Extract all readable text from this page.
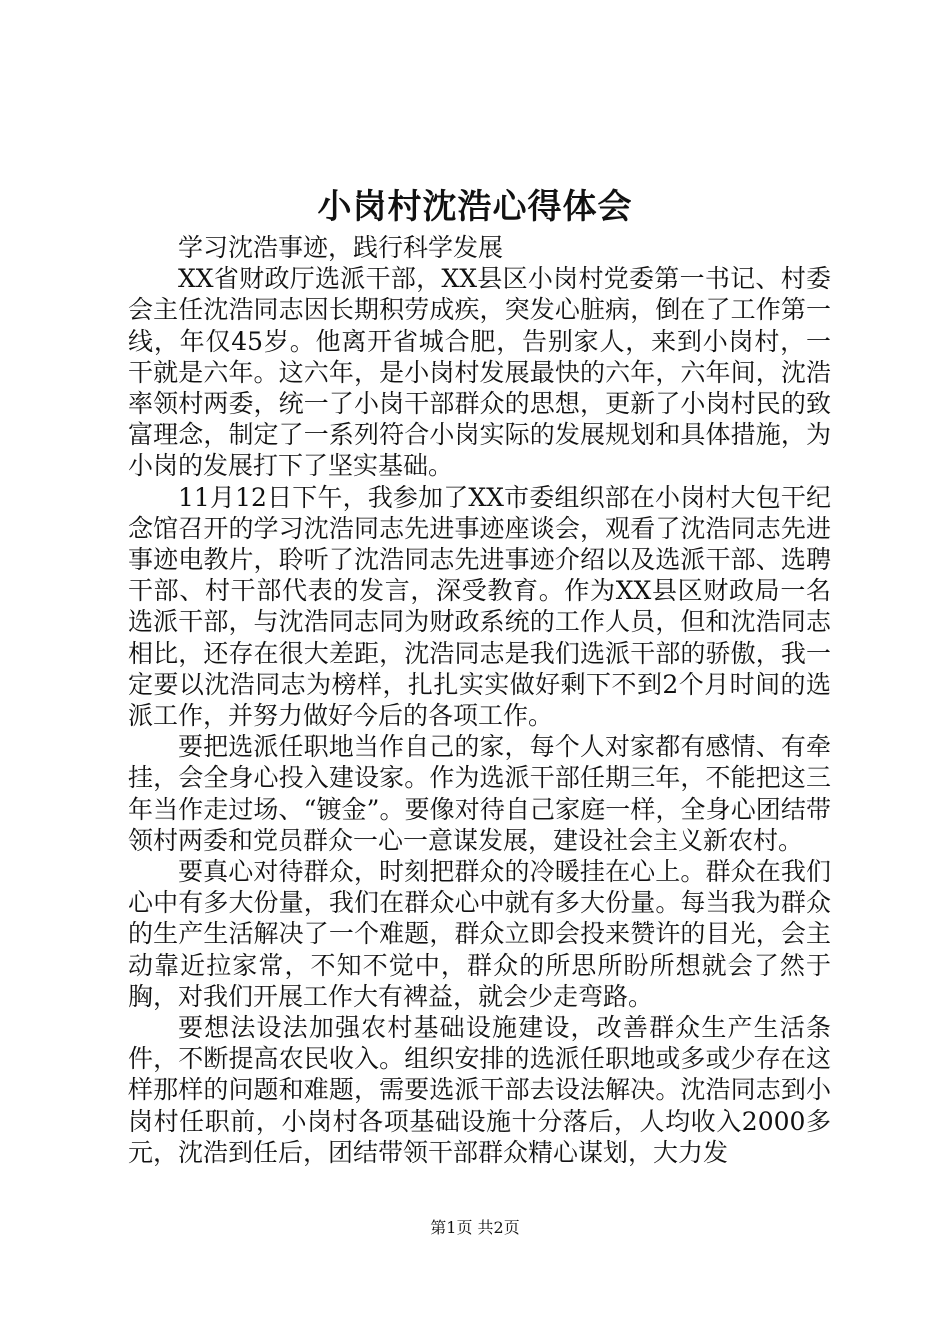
小岗村沈浩心得体会

学习沈浩事迹，践行科学发展

XX省财政厅选派干部，XX县区小岗村党委第一书记、村委会主任沈浩同志因长期积劳成疾，突发心脏病，倒在了工作第一线，年仅45岁。他离开省城合肥，告别家人，来到小岗村，一干就是六年。这六年，是小岗村发展最快的六年，六年间，沈浩率领村两委，统一了小岗干部群众的思想，更新了小岗村民的致富理念，制定了一系列符合小岗实际的发展规划和具体措施，为小岗的发展打下了坚实基础。

11月12日下午，我参加了XX市委组织部在小岗村大包干纪念馆召开的学习沈浩同志先进事迹座谈会，观看了沈浩同志先进事迹电教片，聆听了沈浩同志先进事迹介绍以及选派干部、选聘干部、村干部代表的发言，深受教育。作为XX县区财政局一名选派干部，与沈浩同志同为财政系统的工作人员，但和沈浩同志相比，还存在很大差距，沈浩同志是我们选派干部的骄傲，我一定要以沈浩同志为榜样，扎扎实实做好剩下不到2个月时间的选派工作，并努力做好今后的各项工作。

要把选派任职地当作自己的家，每个人对家都有感情、有牵挂，会全身心投入建设家。作为选派干部任期三年，不能把这三年当作走过场、“镀金”。要像对待自己家庭一样，全身心团结带领村两委和党员群众一心一意谋发展，建设社会主义新农村。

要真心对待群众，时刻把群众的冷暖挂在心上。群众在我们心中有多大份量，我们在群众心中就有多大份量。每当我为群众的生产生活解决了一个难题，群众立即会投来赞许的目光，会主动靠近拉家常，不知不觉中，群众的所思所盼所想就会了然于胸，对我们开展工作大有裨益，就会少走弯路。

要想法设法加强农村基础设施建设，改善群众生产生活条件，不断提高农民收入。组织安排的选派任职地或多或少存在这样那样的问题和难题，需要选派干部去设法解决。沈浩同志到小岗村任职前，小岗村各项基础设施十分落后，人均收入2000多元，沈浩到任后，团结带领干部群众精心谋划，大力发

第1页 共2页
